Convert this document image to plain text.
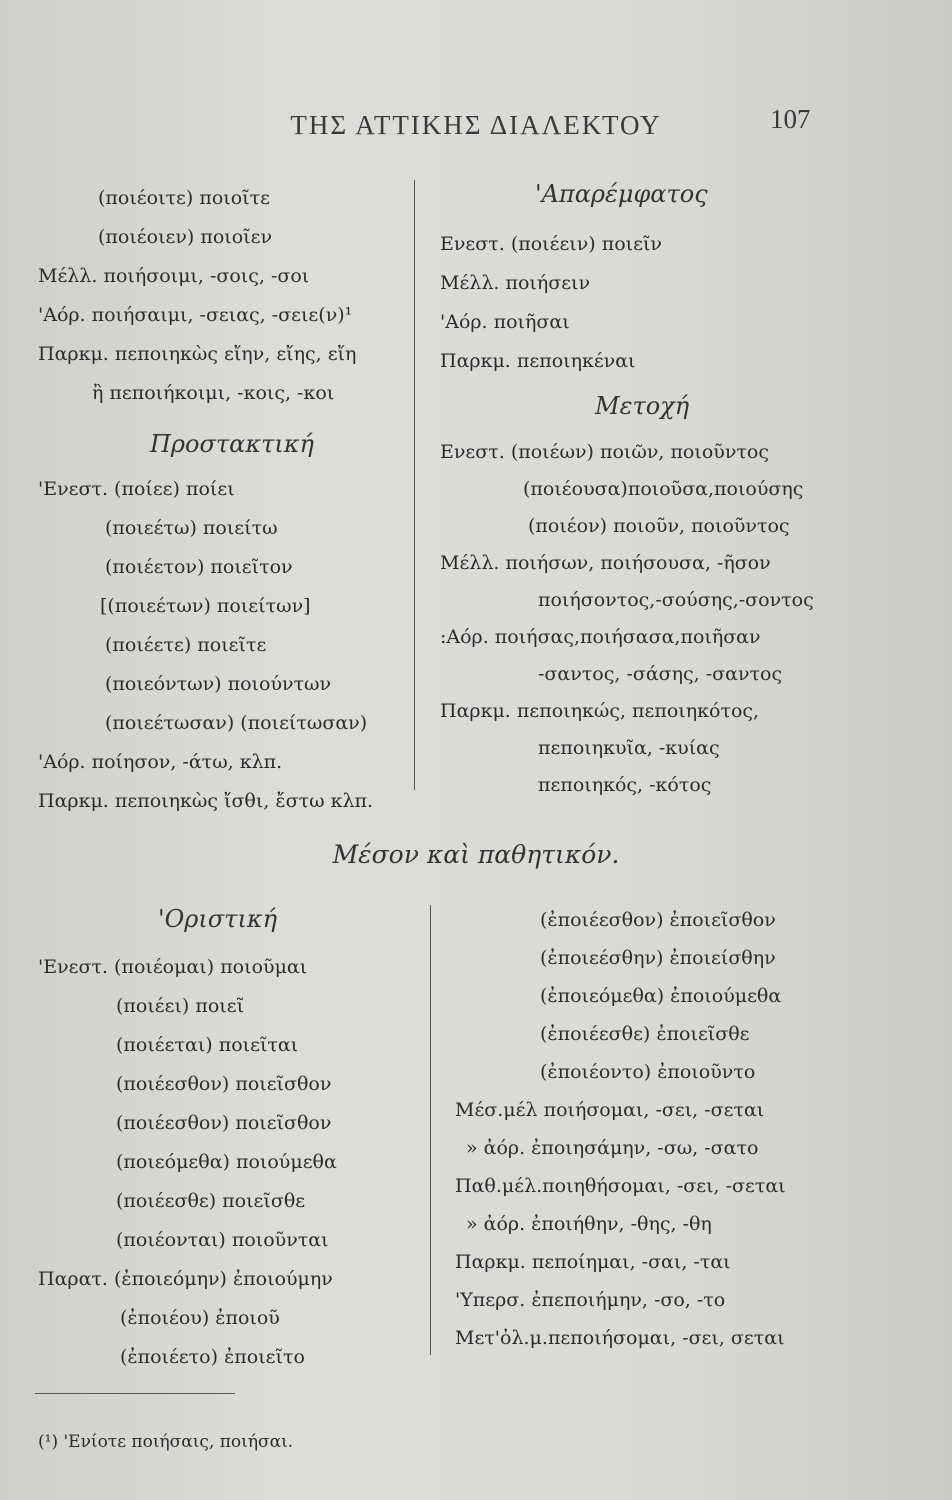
ΤΗΣ ΑΤΤΙΚΗΣ ΔΙΑΛΕΚΤΟΥ	107
(ποιέοιτε) ποιοῖτε
(ποιέοιεν) ποιοῖεν
Μέλλ. ποιήσοιμι, -σοις, -σοι
'Αόρ. ποιήσαιμι, -σειας, -σειε(ν)¹
Παρκμ. πεποιηκὼς εἴην, εἴης, εἴη
ἢ πεποιήκοιμι, -κοις, -κοι
Προστακτική
'Ενεστ. (ποίεε) ποίει
(ποιεέτω) ποιείτω
(ποιέετον) ποιεῖτον
[(ποιεέτων) ποιείτων]
(ποιέετε) ποιεῖτε
(ποιεόντων) ποιούντων
(ποιεέτωσαν) (ποιείτωσαν)
'Αόρ. ποίησον, -άτω, κλπ.
Παρκμ. πεποιηκὼς ἴσθι, ἔστω κλπ.
'Απαρέμφατος
Ενεστ. (ποιέειν) ποιεῖν
Μέλλ. ποιήσειν
'Αόρ. ποιῆσαι
Παρκμ. πεποιηκέναι
Μετοχή
Ενεστ. (ποιέων) ποιῶν, ποιοῦντος
(ποιέουσα)ποιοῦσα,ποιούσης
(ποιέον) ποιοῦν, ποιοῦντος
Μέλλ. ποιήσων, ποιήσουσα, -ῆσον
ποιήσοντος,-σούσης,-σοντος
:Αόρ. ποιήσας,ποιήσασα,ποιῆσαν
-σαντος, -σάσης, -σαντος
Παρκμ. πεποιηκώς, πεποιηκότος,
πεποιηκυῖα, -κυίας
πεποιηκός, -κότος
Μέσον καὶ παθητικόν.
'Οριστική
'Ενεστ. (ποιέομαι) ποιοῦμαι
(ποιέει) ποιεῖ
(ποιέεται) ποιεῖται
(ποιέεσθον) ποιεῖσθον
(ποιέεσθον) ποιεῖσθον
(ποιεόμεθα) ποιούμεθα
(ποιέεσθε) ποιεῖσθε
(ποιέονται) ποιοῦνται
Παρατ. (ἐποιεόμην) ἐποιούμην
(ἐποιέου) ἐποιοῦ
(ἐποιέετο) ἐποιεῖτο
(ἐποιέεσθον) ἐποιεῖσθον
(ἐποιεέσθην) ἐποιείσθην
(ἐποιεόμεθα) ἐποιούμεθα
(ἐποιέεσθε) ἐποιεῖσθε
(ἐποιέοντο) ἐποιοῦντο
Μέσ.μέλ ποιήσομαι, -σει, -σεται
» ἀόρ. ἐποιησάμην, -σω, -σατο
Παθ.μέλ.ποιηθήσομαι, -σει, -σεται
» ἀόρ. ἐποιήθην, -θης, -θη
Παρκμ. πεποίημαι, -σαι, -ται
'Υπερσ. ἐπεποιήμην, -σο, -το
Μετ'ὀλ.μ.πεποιήσομαι, -σει, σεται
(¹) 'Ενίοτε ποιήσαις, ποιήσαι.
